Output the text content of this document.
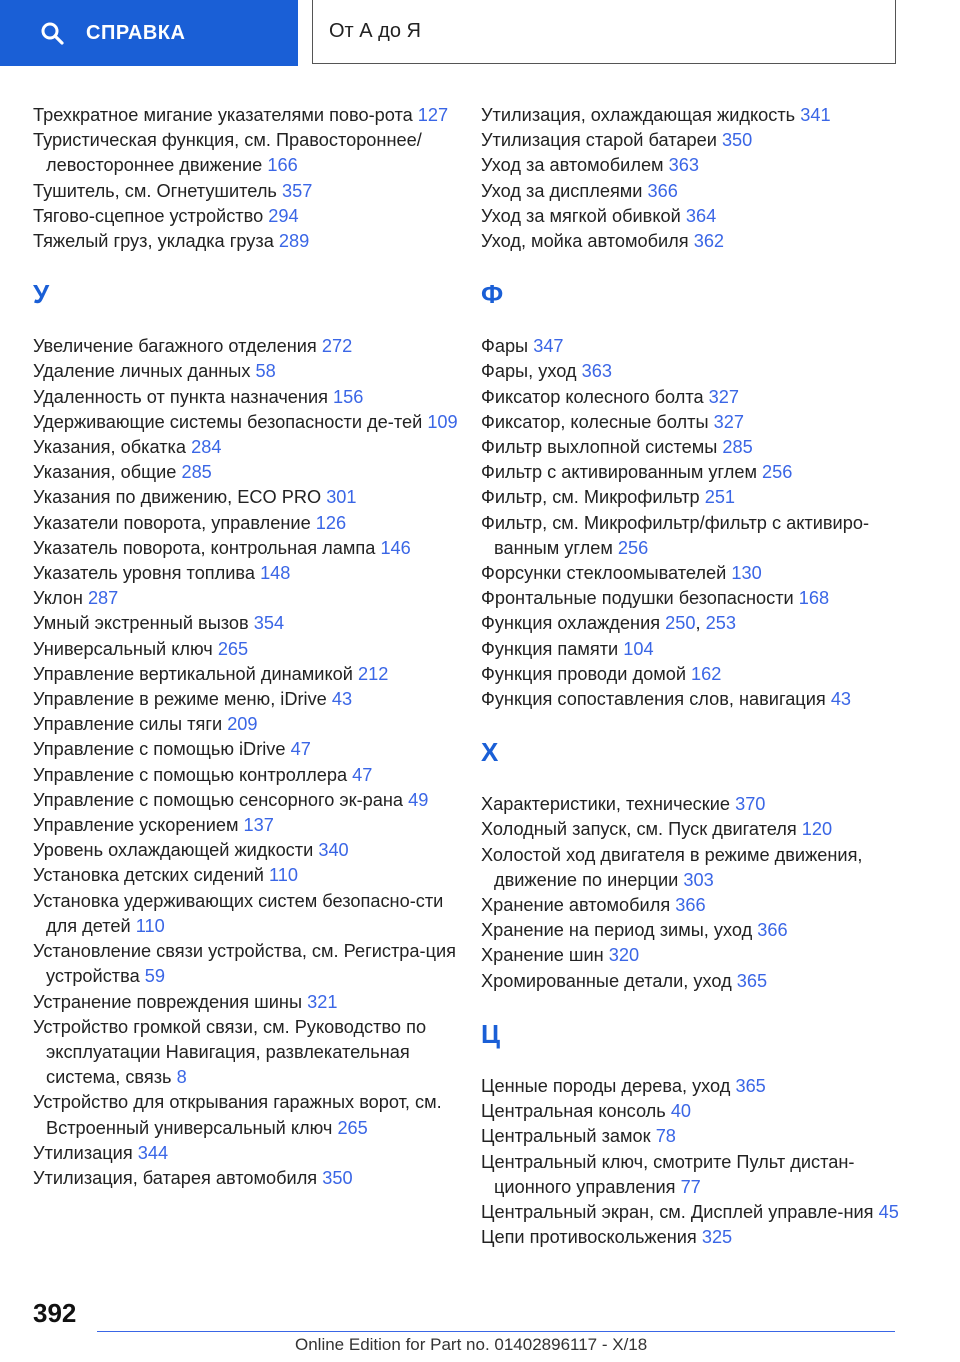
СПРАВКА	От А до Я

Трехкратное мигание указателями пово-рота 127

Туристическая функция, см. Правостороннее/левостороннее движение 166

Тушитель, см. Огнетушитель 357

Тягово-сцепное устройство 294

Тяжелый груз, укладка груза 289

У

Увеличение багажного отделения 272

Удаление личных данных 58

Удаленность от пункта назначения 156

Удерживающие системы безопасности де-тей 109

Указания, обкатка 284

Указания, общие 285

Указания по движению, ECO PRO 301

Указатели поворота, управление 126

Указатель поворота, контрольная лампа 146

Указатель уровня топлива 148

Уклон 287

Умный экстренный вызов 354

Универсальный ключ 265

Управление вертикальной динамикой 212

Управление в режиме меню, iDrive 43

Управление силы тяги 209

Управление с помощью iDrive 47

Управление с помощью контроллера 47

Управление с помощью сенсорного эк-рана 49

Управление ускорением 137

Уровень охлаждающей жидкости 340

Установка детских сидений 110

Установка удерживающих систем безопасно-сти для детей 110

Установление связи устройства, см. Регистра-ция устройства 59

Устранение повреждения шины 321

Устройство громкой связи, см. Руководство по эксплуатации Навигация, развлекательная система, связь 8

Устройство для открывания гаражных ворот, см. Встроенный универсальный ключ 265

Утилизация 344

Утилизация, батарея автомобиля 350

Утилизация, охлаждающая жидкость 341

Утилизация старой батареи 350

Уход за автомобилем 363

Уход за дисплеями 366

Уход за мягкой обивкой 364

Уход, мойка автомобиля 362

Ф

Фары 347

Фары, уход 363

Фиксатор колесного болта 327

Фиксатор, колесные болты 327

Фильтр выхлопной системы 285

Фильтр с активированным углем 256

Фильтр, см. Микрофильтр 251

Фильтр, см. Микрофильтр/фильтр с активиро-ванным углем 256

Форсунки стеклоомывателей 130

Фронтальные подушки безопасности 168

Функция охлаждения 250, 253

Функция памяти 104

Функция проводи домой 162

Функция сопоставления слов, навигация 43

Х

Характеристики, технические 370

Холодный запуск, см. Пуск двигателя 120

Холостой ход двигателя в режиме движения, движение по инерции 303

Хранение автомобиля 366

Хранение на период зимы, уход 366

Хранение шин 320

Хромированные детали, уход 365

Ц

Ценные породы дерева, уход 365

Центральная консоль 40

Центральный замок 78

Центральный ключ, смотрите Пульт дистан-ционного управления 77

Центральный экран, см. Дисплей управле-ния 45

Цепи противоскольжения 325

392
Online Edition for Part no. 01402896117 - X/18
